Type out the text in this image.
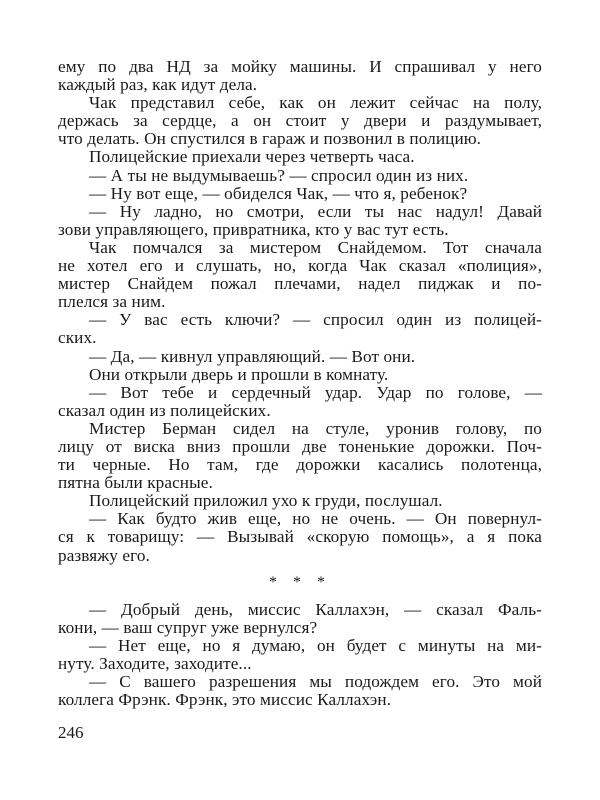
ему по два НД за мойку машины. И спрашивал у него
каждый раз, как идут дела.
Чак представил себе, как он лежит сейчас на полу,
держась за сердце, а он стоит у двери и раздумывает,
что делать. Он спустился в гараж и позвонил в полицию.
Полицейские приехали через четверть часа.
— А ты не выдумываешь? — спросил один из них.
— Ну вот еще, — обиделся Чак, — что я, ребенок?
— Ну ладно, но смотри, если ты нас надул! Давай
зови управляющего, привратника, кто у вас тут есть.
Чак помчался за мистером Снайдемом. Тот сначала
не хотел его и слушать, но, когда Чак сказал «полиция»,
мистер Снайдем пожал плечами, надел пиджак и по-
плелся за ним.
— У вас есть ключи? — спросил один из полицей-
ских.
— Да, — кивнул управляющий. — Вот они.
Они открыли дверь и прошли в комнату.
— Вот тебе и сердечный удар. Удар по голове, —
сказал один из полицейских.
Мистер Берман сидел на стуле, уронив голову, по
лицу от виска вниз прошли две тоненькие дорожки. Поч-
ти черные. Но там, где дорожки касались полотенца,
пятна были красные.
Полицейский приложил ухо к груди, послушал.
— Как будто жив еще, но не очень. — Он повернул-
ся к товарищу: — Вызывай «скорую помощь», а я пока
развяжу его.
* * *
— Добрый день, миссис Каллахэн, — сказал Фаль-
кони, — ваш супруг уже вернулся?
— Нет еще, но я думаю, он будет с минуты на ми-
нуту. Заходите, заходите...
— С вашего разрешения мы подождем его. Это мой
коллега Фрэнк. Фрэнк, это миссис Каллахэн.
246
